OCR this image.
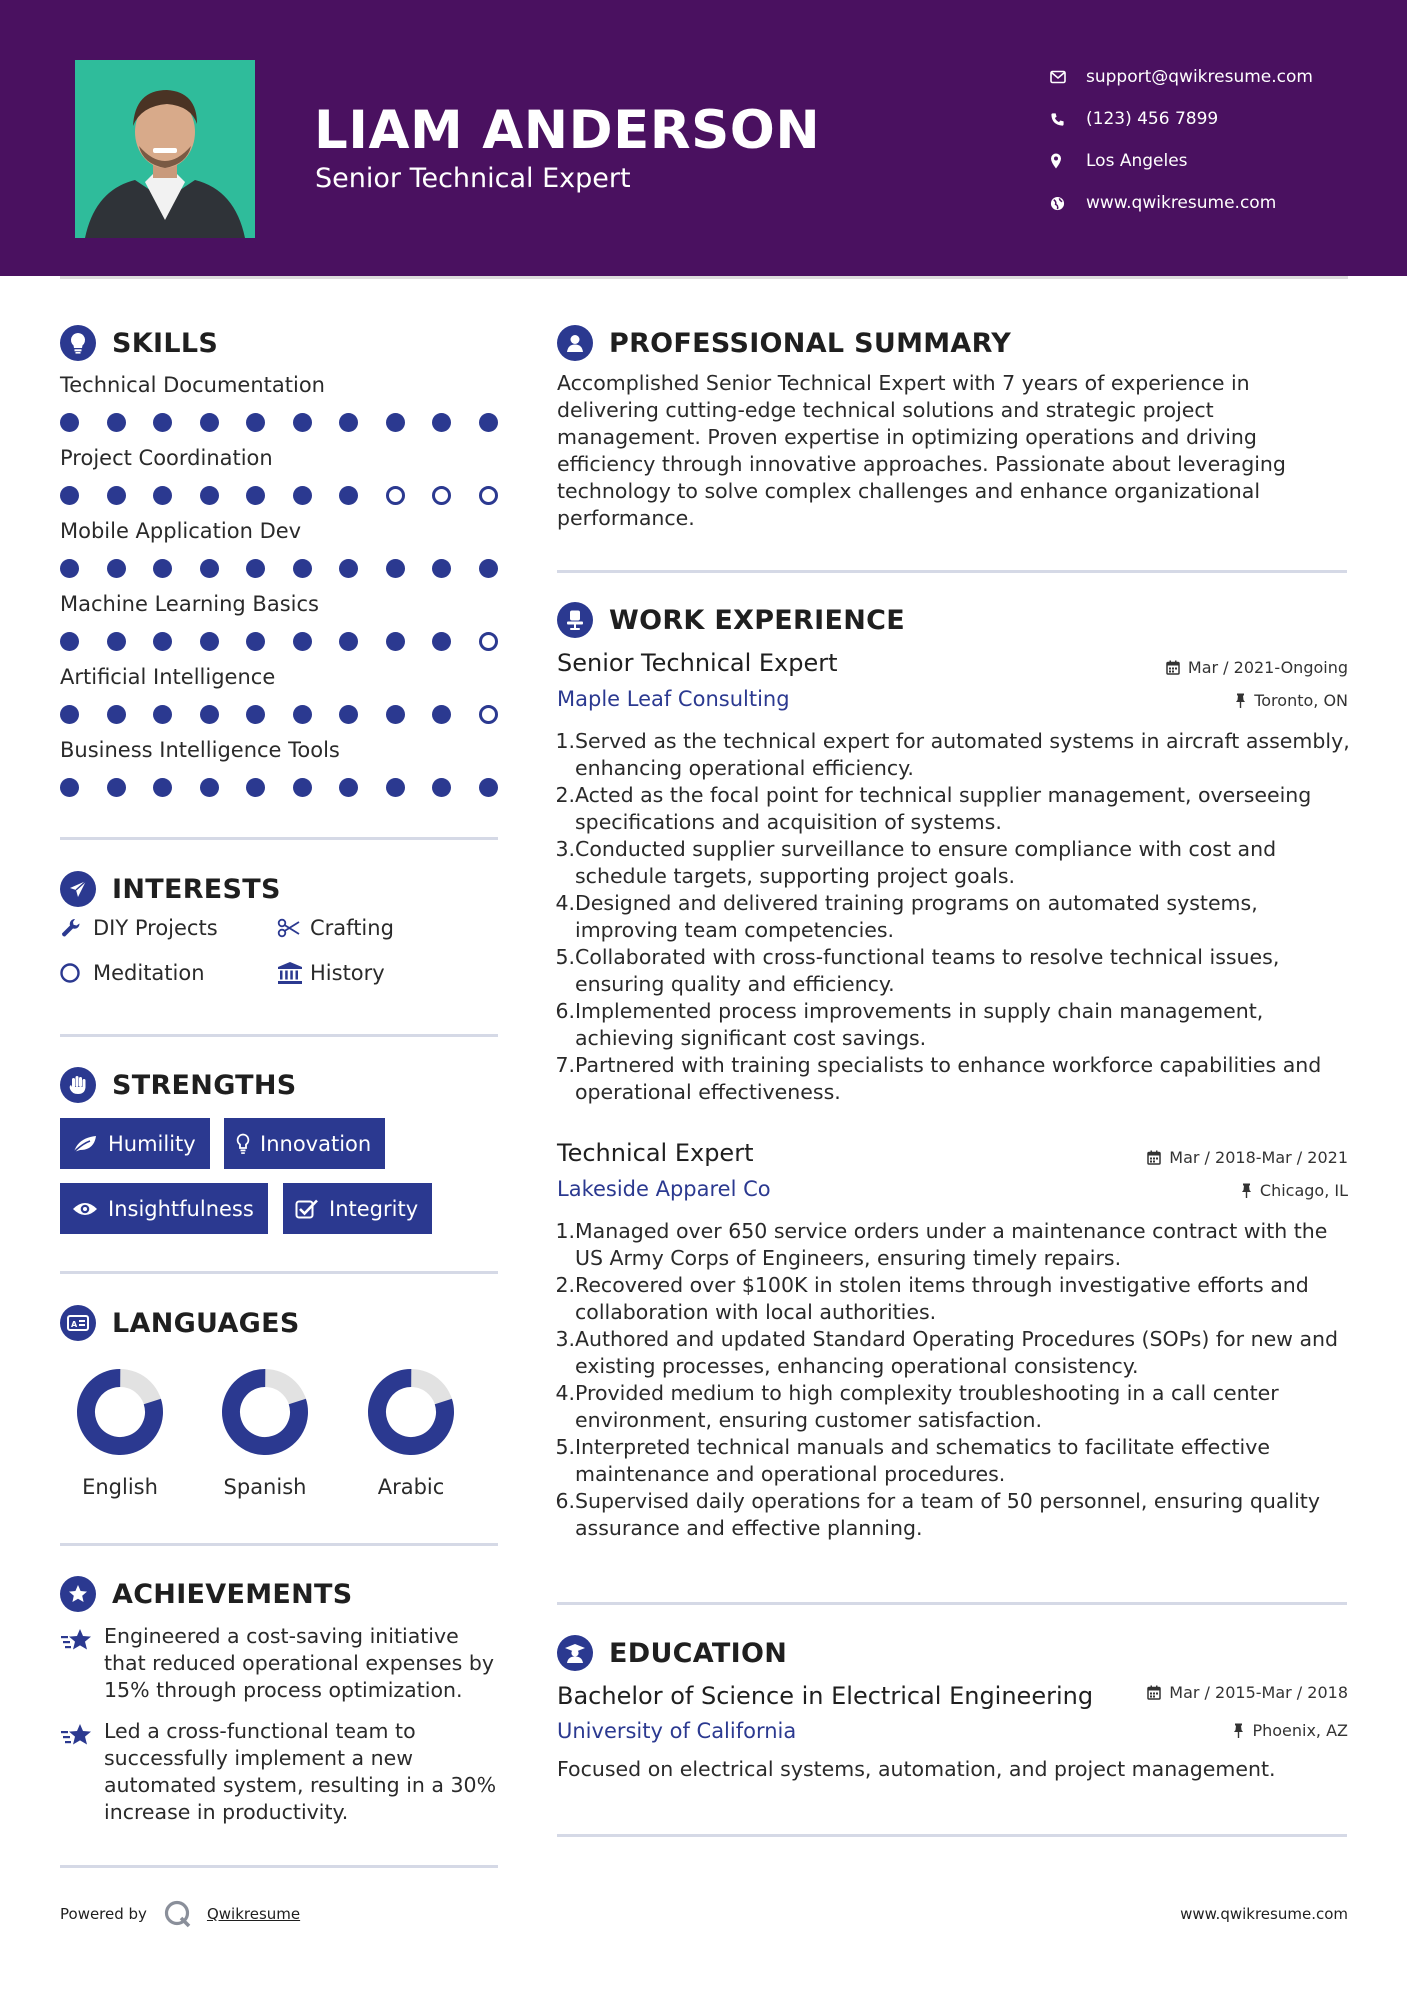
LIAM ANDERSON
Senior Technical Expert
support@qwikresume.com
(123) 456 7899
Los Angeles
www.qwikresume.com
SKILLS
Technical Documentation
Project Coordination
Mobile Application Dev
Machine Learning Basics
Artificial Intelligence
Business Intelligence Tools
INTERESTS
DIY Projects	Crafting
Meditation	History
STRENGTHS
Humility	Innovation
Insightfulness	Integrity
A LANGUAGES
English	Spanish	Arabic
ACHIEVEMENTS
Engineered a cost-saving initiative that reduced operational expenses by 15% through process optimization.
Led a cross-functional team to successfully implement a new automated system, resulting in a 30% increase in productivity.
PROFESSIONAL SUMMARY
Accomplished Senior Technical Expert with 7 years of experience in delivering cutting-edge technical solutions and strategic project management. Proven expertise in optimizing operations and driving efficiency through innovative approaches. Passionate about leveraging technology to solve complex challenges and enhance organizational performance.
WORK EXPERIENCE
Senior Technical Expert	Mar / 2021-Ongoing
Maple Leaf Consulting	Toronto, ON
1. Served as the technical expert for automated systems in aircraft assembly, enhancing operational efficiency.
2. Acted as the focal point for technical supplier management, overseeing specifications and acquisition of systems.
3. Conducted supplier surveillance to ensure compliance with cost and schedule targets, supporting project goals.
4. Designed and delivered training programs on automated systems, improving team competencies.
5. Collaborated with cross-functional teams to resolve technical issues, ensuring quality and efficiency.
6. Implemented process improvements in supply chain management, achieving significant cost savings.
7. Partnered with training specialists to enhance workforce capabilities and operational effectiveness.
Technical Expert	Mar / 2018-Mar / 2021
Lakeside Apparel Co	Chicago, IL
1. Managed over 650 service orders under a maintenance contract with the US Army Corps of Engineers, ensuring timely repairs.
2. Recovered over $100K in stolen items through investigative efforts and collaboration with local authorities.
3. Authored and updated Standard Operating Procedures (SOPs) for new and existing processes, enhancing operational consistency.
4. Provided medium to high complexity troubleshooting in a call center environment, ensuring customer satisfaction.
5. Interpreted technical manuals and schematics to facilitate effective maintenance and operational procedures.
6. Supervised daily operations for a team of 50 personnel, ensuring quality assurance and effective planning.
EDUCATION
Bachelor of Science in Electrical Engineering	Mar / 2015-Mar / 2018
University of California	Phoenix, AZ
Focused on electrical systems, automation, and project management.
Powered by	Qwikresume	www.qwikresume.com
